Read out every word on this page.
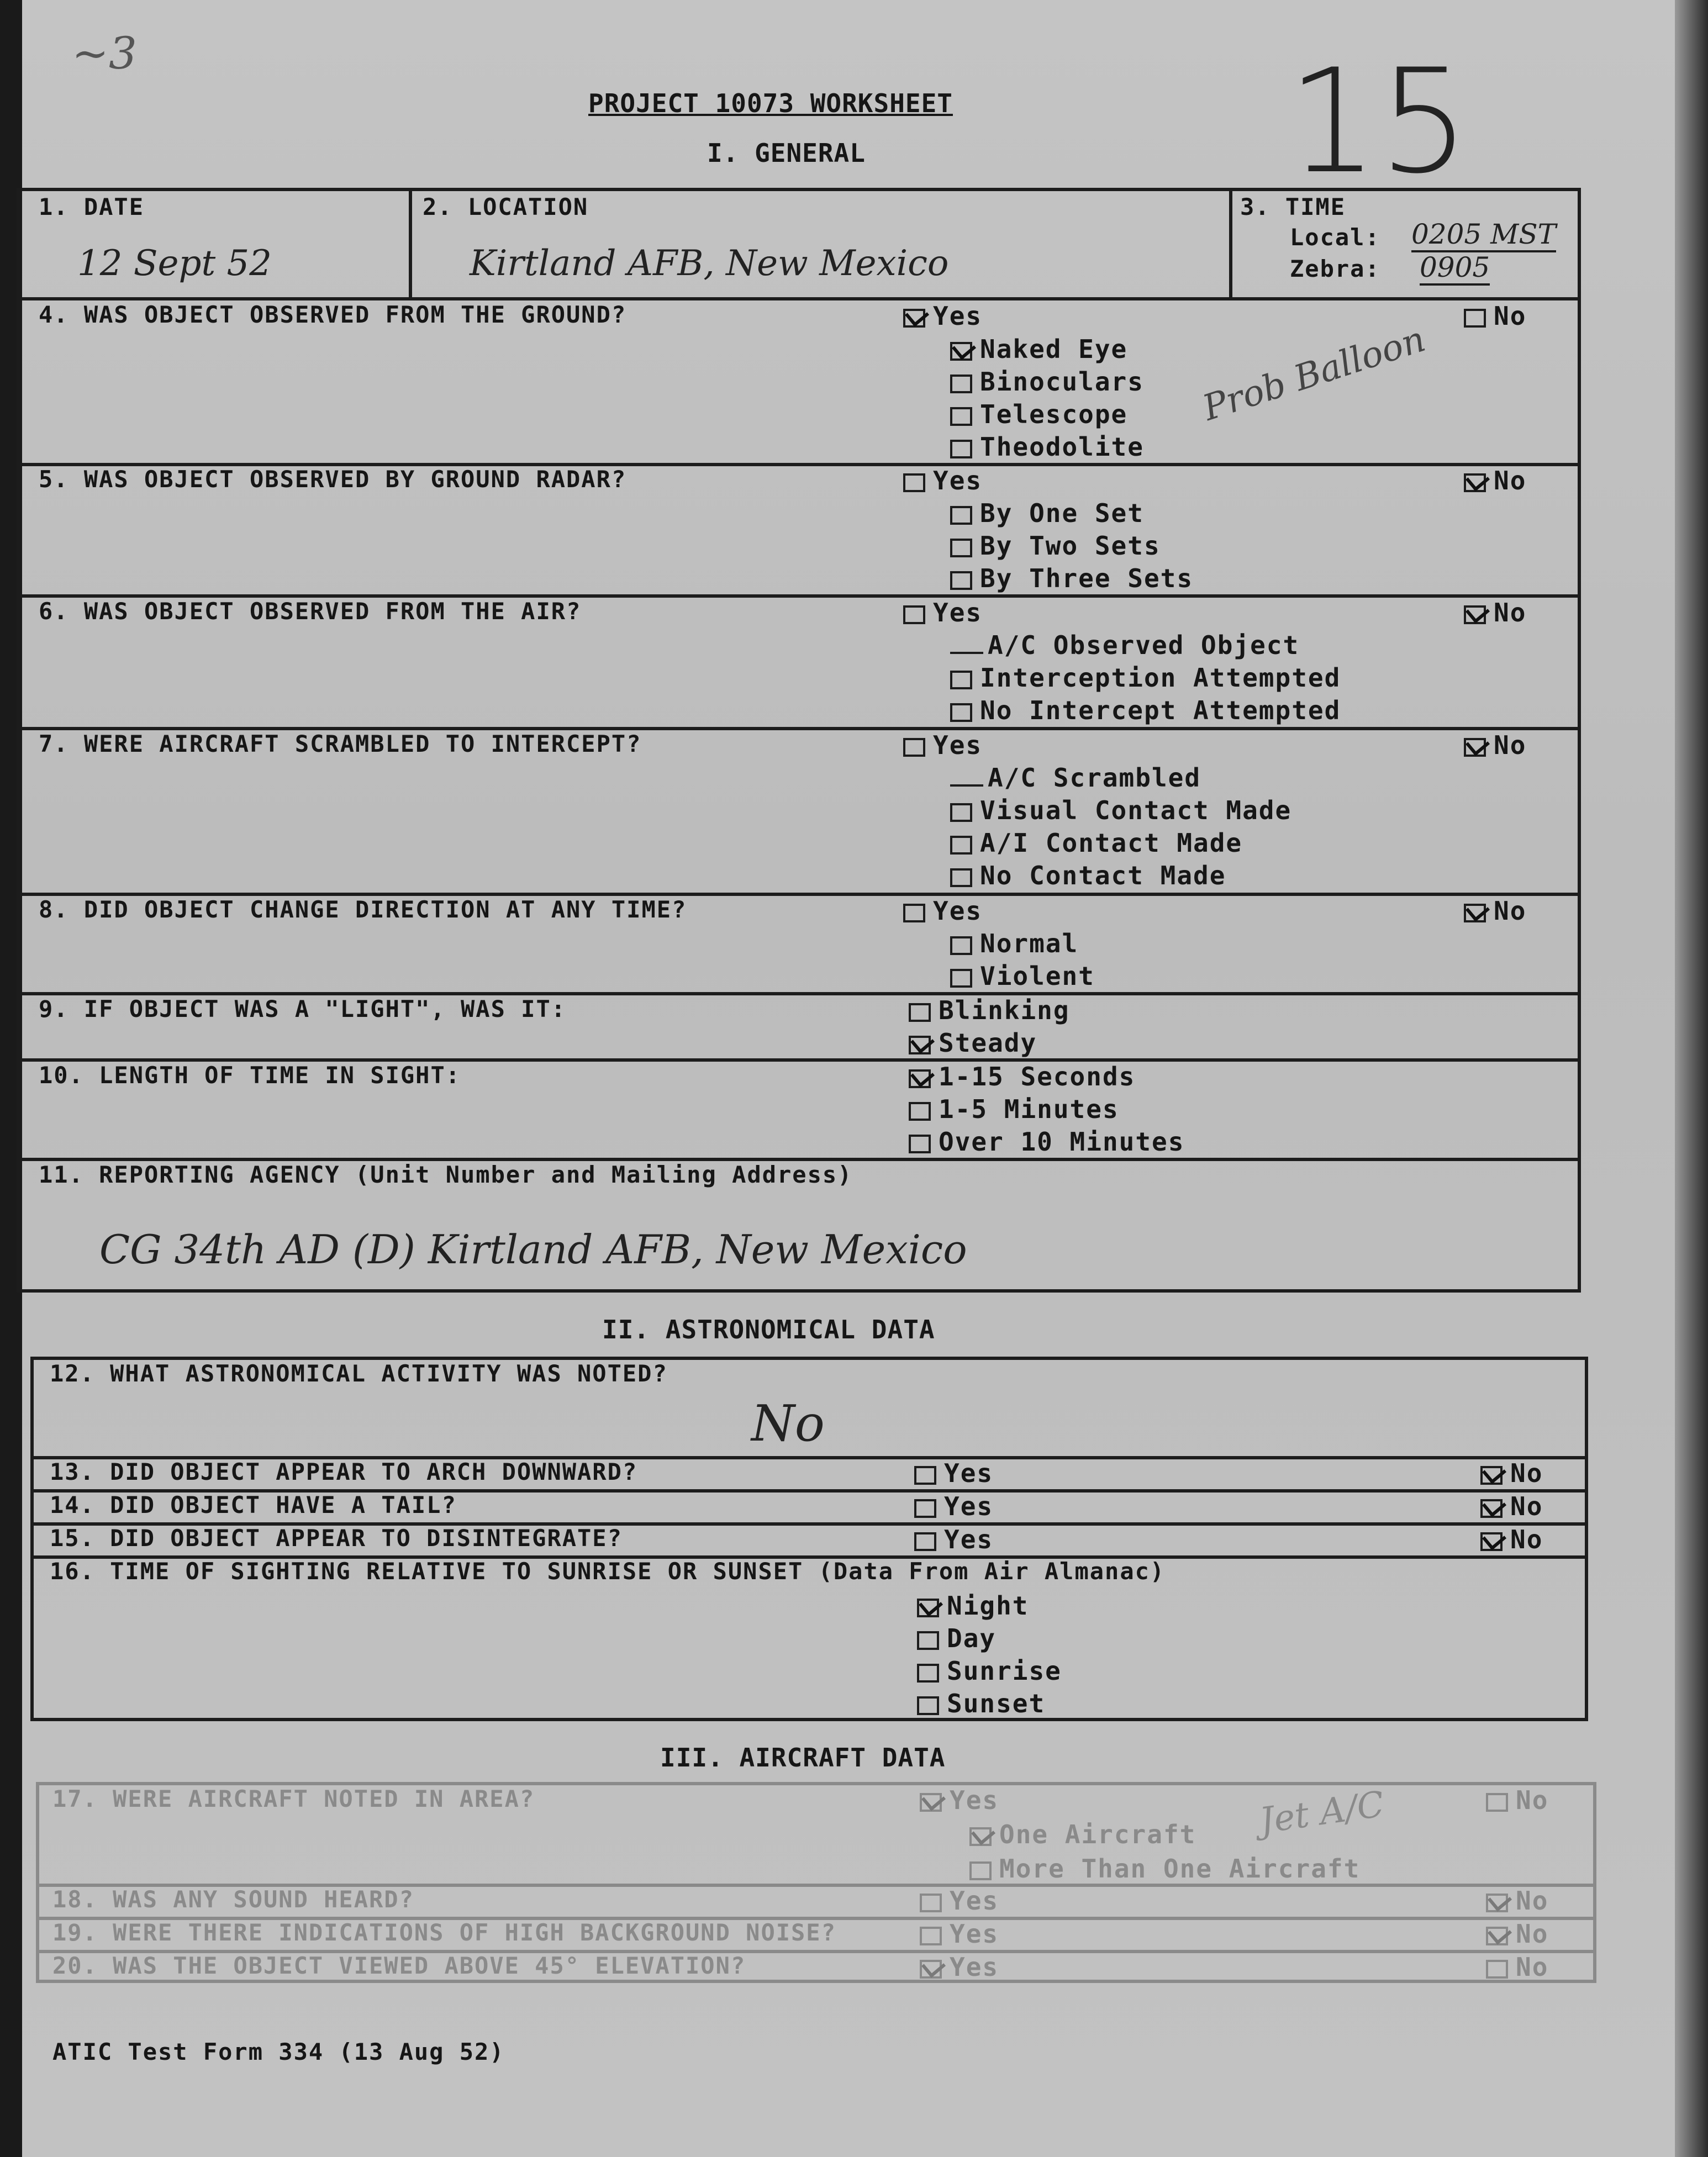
~3
PROJECT 10073 WORKSHEET 15
I. GENERAL
1. DATE
12 Sept 52
2. LOCATION
Kirtland AFB, New Mexico
3. TIME
Local: 0205 MST
Zebra: 0905
4. WAS OBJECT OBSERVED FROM THE GROUND?	Yes	No
Naked Eye
Binoculars
Telescope
Theodolite
Prob Balloon
5. WAS OBJECT OBSERVED BY GROUND RADAR?	Yes	No
By One Set
By Two Sets
By Three Sets
6. WAS OBJECT OBSERVED FROM THE AIR?	Yes	No
A/C Observed Object
Interception Attempted
No Intercept Attempted
7. WERE AIRCRAFT SCRAMBLED TO INTERCEPT?	Yes	No
A/C Scrambled
Visual Contact Made
A/I Contact Made
No Contact Made
8. DID OBJECT CHANGE DIRECTION AT ANY TIME?	Yes	No
Normal
Violent
9. IF OBJECT WAS A "LIGHT", WAS IT:	Blinking
Steady
10. LENGTH OF TIME IN SIGHT:	1-15 Seconds
1-5 Minutes
Over 10 Minutes
11. REPORTING AGENCY (Unit Number and Mailing Address)
CG 34th AD (D) Kirtland AFB, New Mexico
II. ASTRONOMICAL DATA
12. WHAT ASTRONOMICAL ACTIVITY WAS NOTED?
No
13. DID OBJECT APPEAR TO ARCH DOWNWARD?	Yes	No
14. DID OBJECT HAVE A TAIL?	Yes	No
15. DID OBJECT APPEAR TO DISINTEGRATE?	Yes	No
16. TIME OF SIGHTING RELATIVE TO SUNRISE OR SUNSET (Data From Air Almanac)
Night
Day
Sunrise
Sunset
III. AIRCRAFT DATA
17. WERE AIRCRAFT NOTED IN AREA?	Yes	No
One Aircraft
More Than One Aircraft
Jet A/C
18. WAS ANY SOUND HEARD?	Yes	No
19. WERE THERE INDICATIONS OF HIGH BACKGROUND NOISE?	Yes	No
20. WAS THE OBJECT VIEWED ABOVE 45° ELEVATION?	Yes	No
ATIC Test Form 334 (13 Aug 52)
